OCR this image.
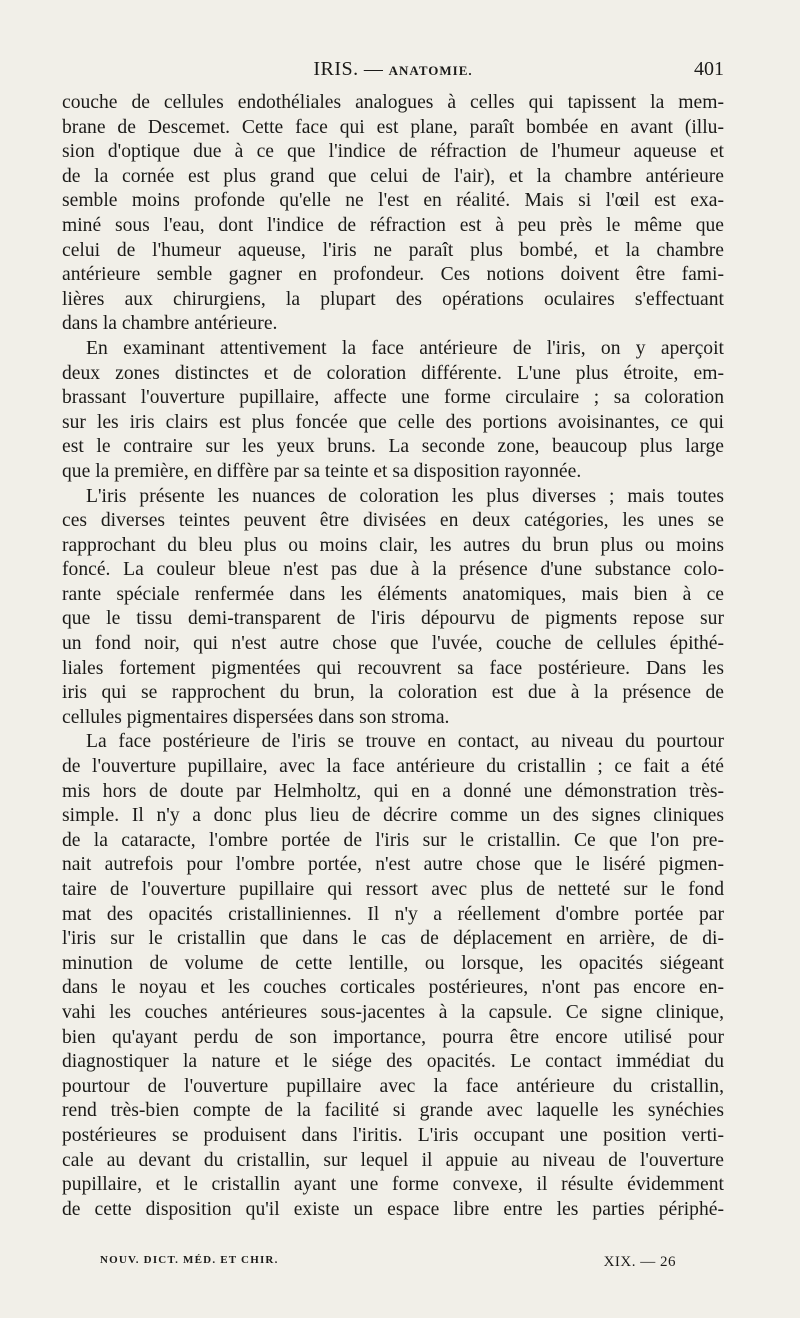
IRIS. — ANATOMIE.	401

couche de cellules endothéliales analogues à celles qui tapissent la mem-
brane de Descemet. Cette face qui est plane, paraît bombée en avant (illu-
sion d'optique due à ce que l'indice de réfraction de l'humeur aqueuse et
de la cornée est plus grand que celui de l'air), et la chambre antérieure
semble moins profonde qu'elle ne l'est en réalité. Mais si l'œil est exa-
miné sous l'eau, dont l'indice de réfraction est à peu près le même que
celui de l'humeur aqueuse, l'iris ne paraît plus bombé, et la chambre
antérieure semble gagner en profondeur. Ces notions doivent être fami-
lières aux chirurgiens, la plupart des opérations oculaires s'effectuant
dans la chambre antérieure.

En examinant attentivement la face antérieure de l'iris, on y aperçoit
deux zones distinctes et de coloration différente. L'une plus étroite, em-
brassant l'ouverture pupillaire, affecte une forme circulaire ; sa coloration
sur les iris clairs est plus foncée que celle des portions avoisinantes, ce qui
est le contraire sur les yeux bruns. La seconde zone, beaucoup plus large
que la première, en diffère par sa teinte et sa disposition rayonnée.

L'iris présente les nuances de coloration les plus diverses ; mais toutes
ces diverses teintes peuvent être divisées en deux catégories, les unes se
rapprochant du bleu plus ou moins clair, les autres du brun plus ou moins
foncé. La couleur bleue n'est pas due à la présence d'une substance colo-
rante spéciale renfermée dans les éléments anatomiques, mais bien à ce
que le tissu demi-transparent de l'iris dépourvu de pigments repose sur
un fond noir, qui n'est autre chose que l'uvée, couche de cellules épithé-
liales fortement pigmentées qui recouvrent sa face postérieure. Dans les
iris qui se rapprochent du brun, la coloration est due à la présence de
cellules pigmentaires dispersées dans son stroma.

La face postérieure de l'iris se trouve en contact, au niveau du pourtour
de l'ouverture pupillaire, avec la face antérieure du cristallin ; ce fait a été
mis hors de doute par Helmholtz, qui en a donné une démonstration très-
simple. Il n'y a donc plus lieu de décrire comme un des signes cliniques
de la cataracte, l'ombre portée de l'iris sur le cristallin. Ce que l'on pre-
nait autrefois pour l'ombre portée, n'est autre chose que le liséré pigmen-
taire de l'ouverture pupillaire qui ressort avec plus de netteté sur le fond
mat des opacités cristalliniennes. Il n'y a réellement d'ombre portée par
l'iris sur le cristallin que dans le cas de déplacement en arrière, de di-
minution de volume de cette lentille, ou lorsque, les opacités siégeant
dans le noyau et les couches corticales postérieures, n'ont pas encore en-
vahi les couches antérieures sous-jacentes à la capsule. Ce signe clinique,
bien qu'ayant perdu de son importance, pourra être encore utilisé pour
diagnostiquer la nature et le siége des opacités. Le contact immédiat du
pourtour de l'ouverture pupillaire avec la face antérieure du cristallin,
rend très-bien compte de la facilité si grande avec laquelle les synéchies
postérieures se produisent dans l'iritis. L'iris occupant une position verti-
cale au devant du cristallin, sur lequel il appuie au niveau de l'ouverture
pupillaire, et le cristallin ayant une forme convexe, il résulte évidemment
de cette disposition qu'il existe un espace libre entre les parties périphé-

NOUV. DICT. MÉD. ET CHIR.	XIX. — 26
